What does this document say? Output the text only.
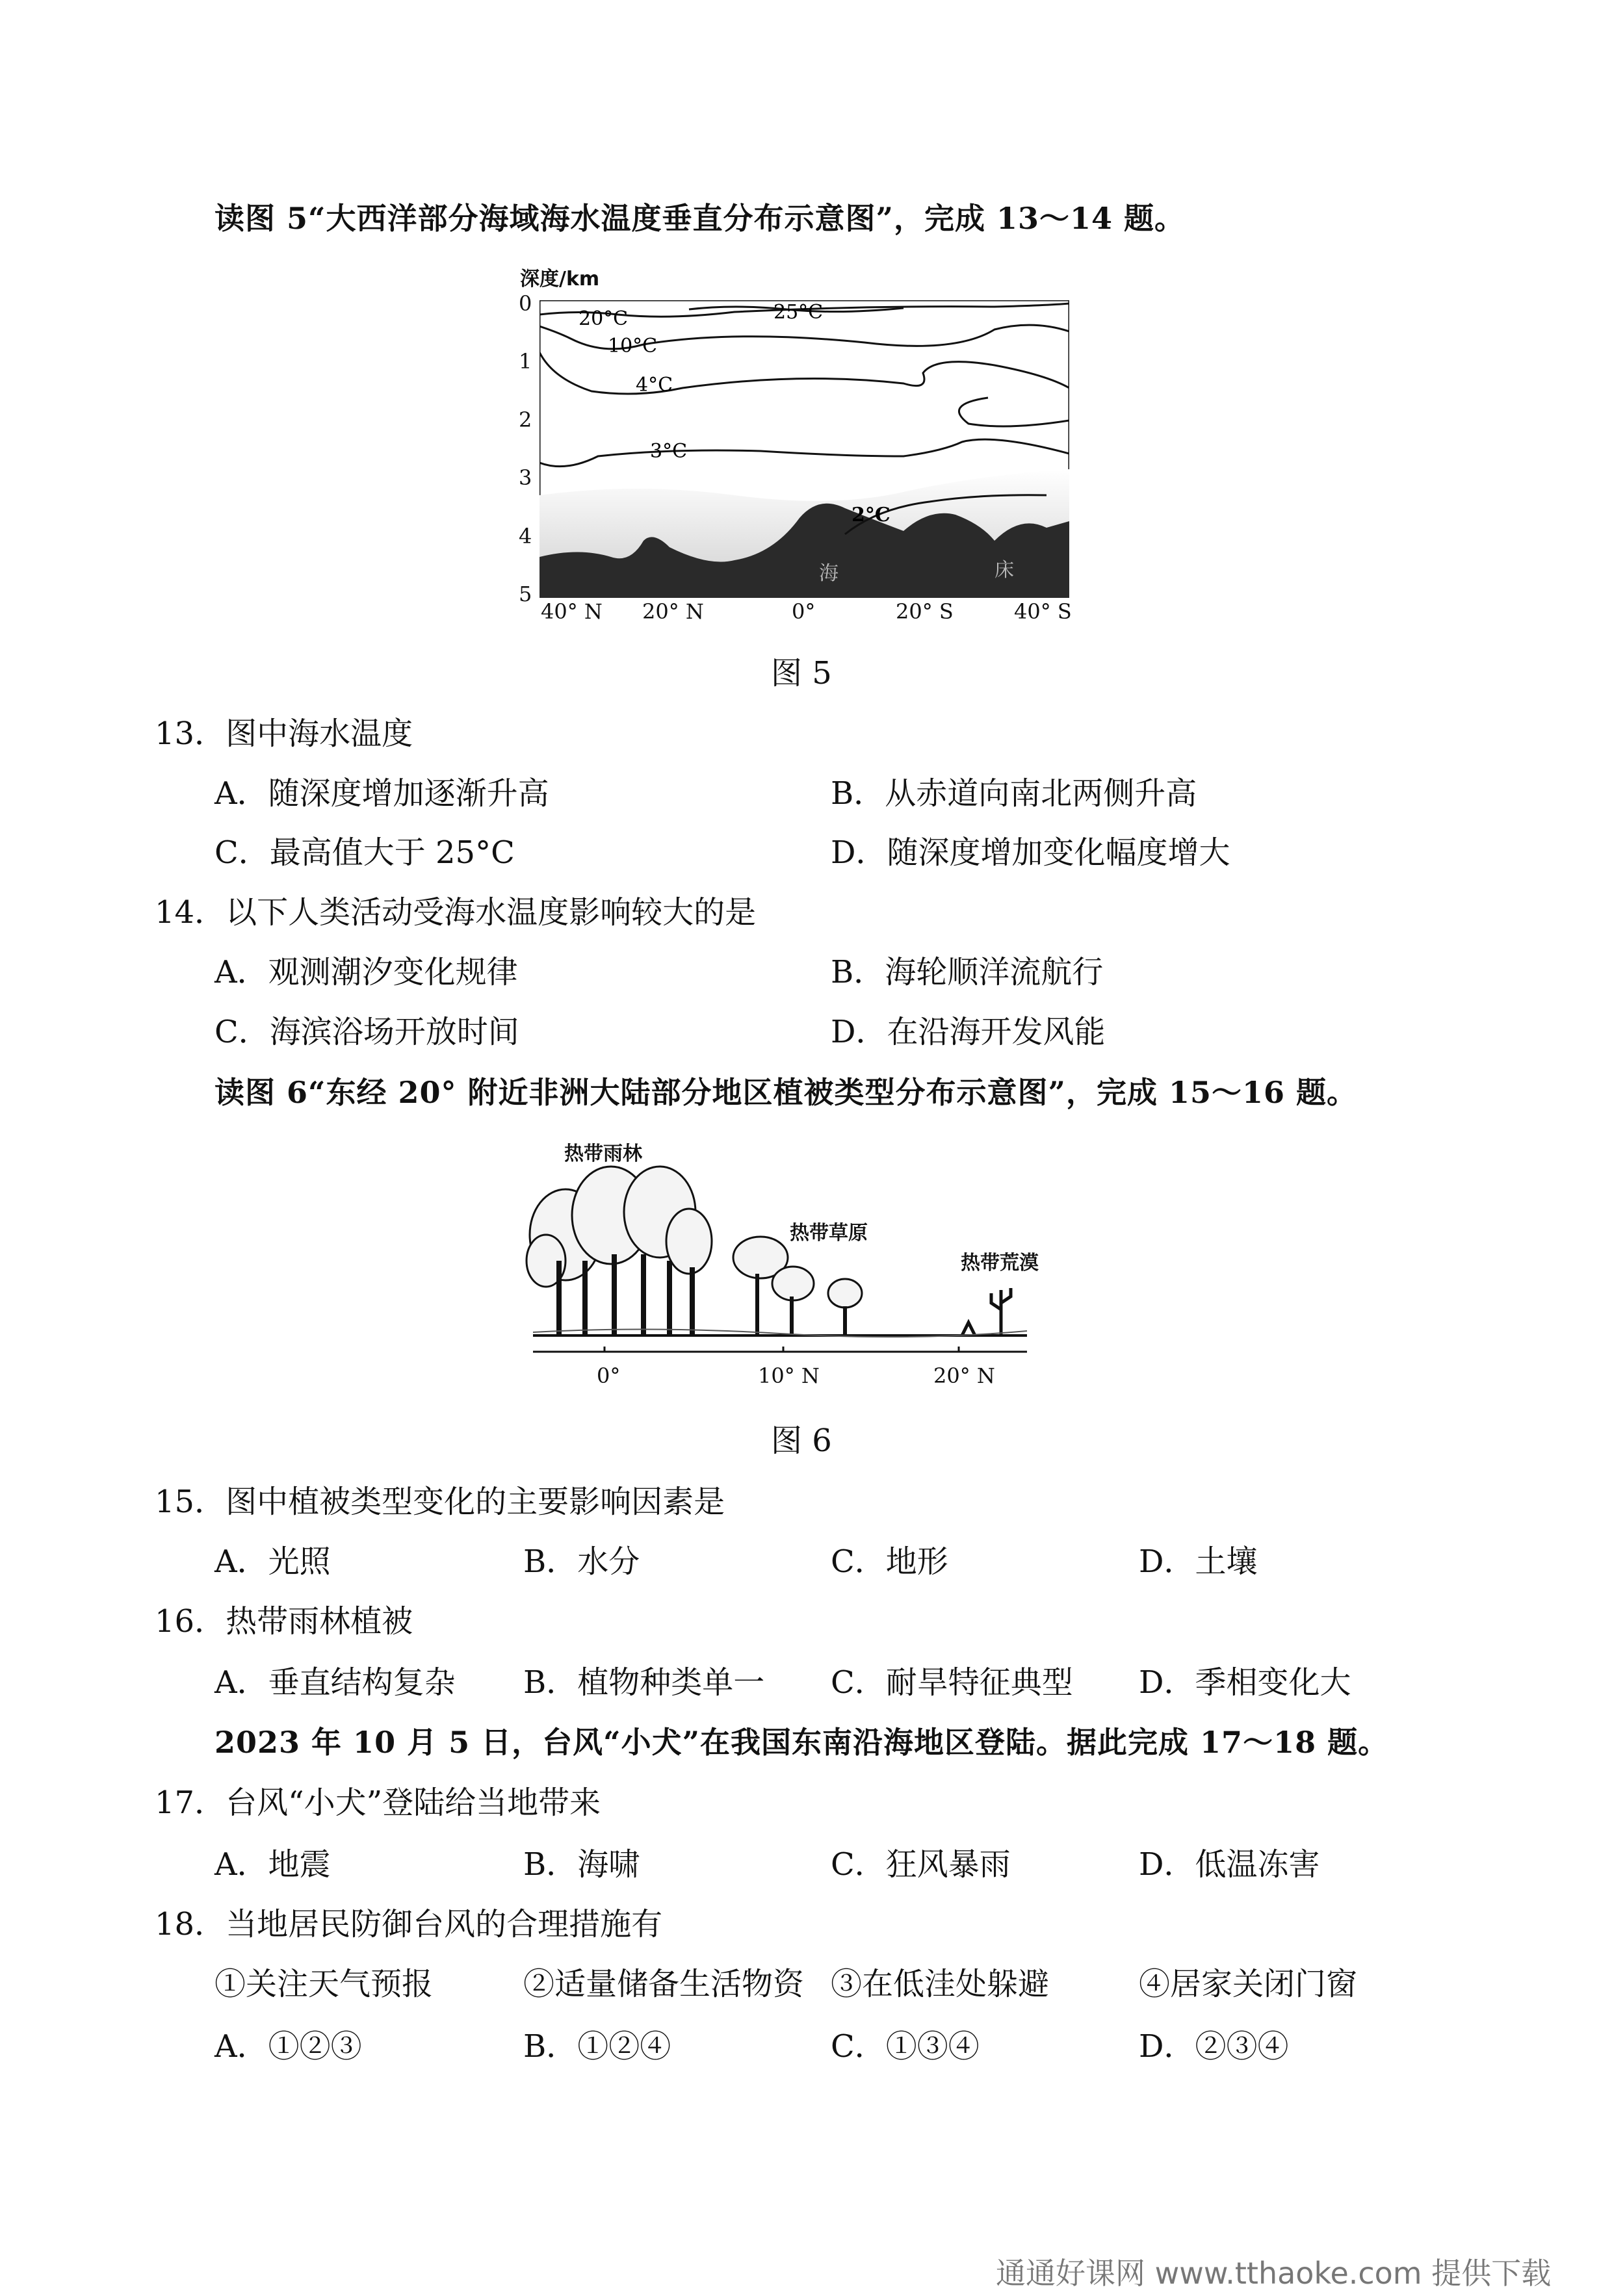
读图 5“大西洋部分海域海水温度垂直分布示意图”，完成 13～14 题。
深度/km
0
1
2
3
4
5
25°C
20°C
10°C
4°C
3°C
2°C
海	床
40° N 20° N	0°	20° S	40° S
图 5
13．图中海水温度
A．随深度增加逐渐升高	B．从赤道向南北两侧升高
C．最高值大于 25°C	D．随深度增加变化幅度增大
14．以下人类活动受海水温度影响较大的是
A．观测潮汐变化规律	B．海轮顺洋流航行
C．海滨浴场开放时间	D．在沿海开发风能
读图 6“东经 20° 附近非洲大陆部分地区植被类型分布示意图”，完成 15～16 题。
热带雨林
热带草原
热带荒漠
0°	10° N	20° N
图 6
15．图中植被类型变化的主要影响因素是
A．光照	B．水分	C．地形	D．土壤
16．热带雨林植被
A．垂直结构复杂 B．植物种类单一 C．耐旱特征典型 D．季相变化大
2023 年 10 月 5 日，台风“小犬”在我国东南沿海地区登陆。据此完成 17～18 题。
17．台风“小犬”登陆给当地带来
A．地震	B．海啸	C．狂风暴雨	D．低温冻害
18．当地居民防御台风的合理措施有
①关注天气预报	②适量储备生活物资 ③在低洼处躲避	④居家关闭门窗
A．①②③	B．①②④	C．①③④	D．②③④
通通好课网 www.tthaoke.com 提供下载
